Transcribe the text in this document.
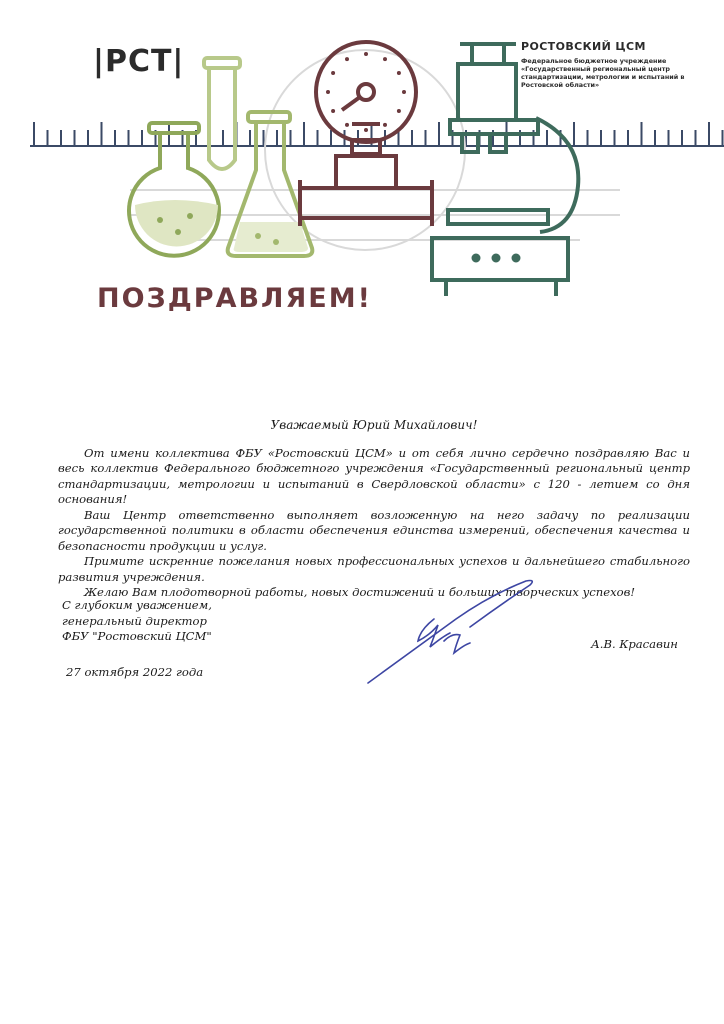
|РСТ|	РОСТОВСКИЙ ЦСМ
Федеральное бюджетное учреждение «Государственный региональный центр стандартизации, метрологии и испытаний в Ростовской области»
ПОЗДРАВЛЯЕМ!
Уважаемый Юрий Михайлович!

От имени коллектива ФБУ «Ростовский ЦСМ» и от себя лично сердечно поздравляю Вас и весь коллектив Федерального бюджетного учреждения «Государственный региональный центр стандартизации, метрологии и испытаний в Свердловской области» с 120 - летием со дня основания!

Ваш Центр ответственно выполняет возложенную на него задачу по реализации государственной политики в области обеспечения единства измерений, обеспечения качества и безопасности продукции и услуг.

Примите искренние пожелания новых профессиональных успехов и дальнейшего стабильного развития учреждения.

Желаю Вам плодотворной работы, новых достижений и больших творческих успехов!

С глубоким уважением,
генеральный директор
ФБУ "Ростовский ЦСМ"
А.В. Красавин
27 октября 2022 года
